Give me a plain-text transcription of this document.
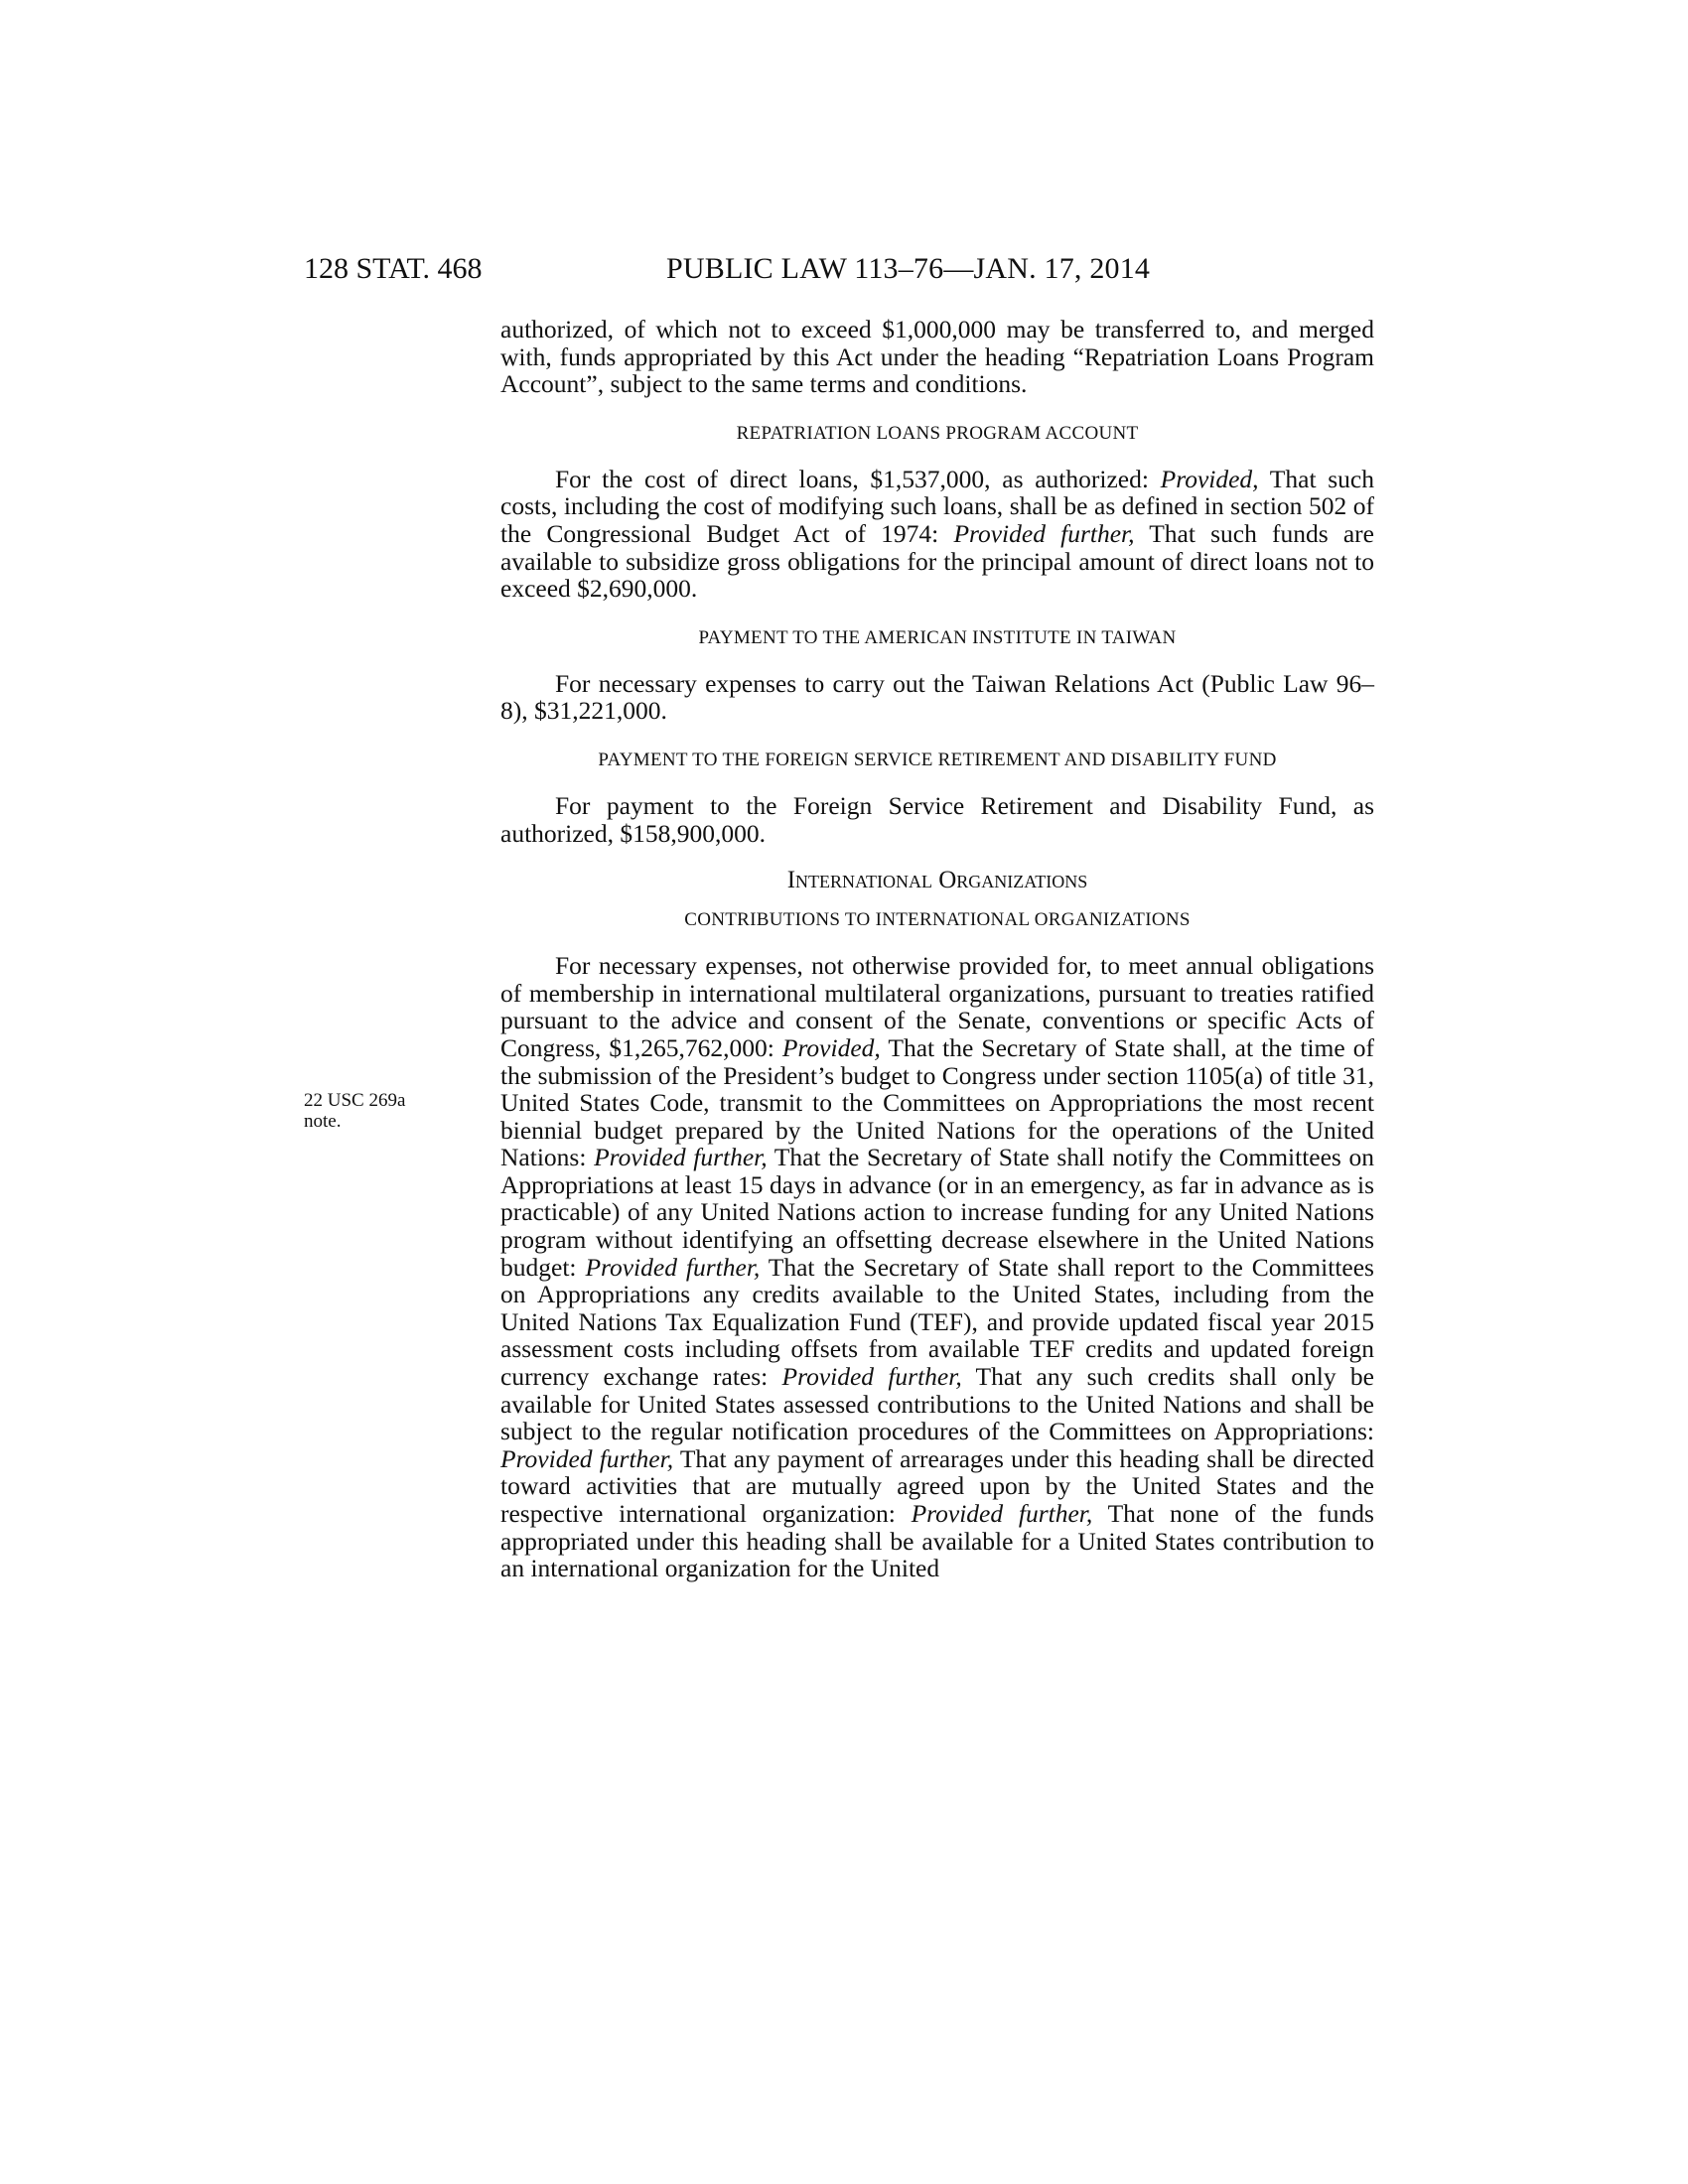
128 STAT. 468	PUBLIC LAW 113–76—JAN. 17, 2014
22 USC 269a
note.

authorized, of which not to exceed $1,000,000 may be transferred to, and merged with, funds appropriated by this Act under the heading “Repatriation Loans Program Account”, subject to the same terms and conditions.

REPATRIATION LOANS PROGRAM ACCOUNT

For the cost of direct loans, $1,537,000, as authorized: Provided, That such costs, including the cost of modifying such loans, shall be as defined in section 502 of the Congressional Budget Act of 1974: Provided further, That such funds are available to subsidize gross obligations for the principal amount of direct loans not to exceed $2,690,000.

PAYMENT TO THE AMERICAN INSTITUTE IN TAIWAN

For necessary expenses to carry out the Taiwan Relations Act (Public Law 96–8), $31,221,000.

PAYMENT TO THE FOREIGN SERVICE RETIREMENT AND DISABILITY FUND

For payment to the Foreign Service Retirement and Disability Fund, as authorized, $158,900,000.

International Organizations
CONTRIBUTIONS TO INTERNATIONAL ORGANIZATIONS

For necessary expenses, not otherwise provided for, to meet annual obligations of membership in international multilateral organizations, pursuant to treaties ratified pursuant to the advice and consent of the Senate, conventions or specific Acts of Congress, $1,265,762,000: Provided, That the Secretary of State shall, at the time of the submission of the President’s budget to Congress under section 1105(a) of title 31, United States Code, transmit to the Committees on Appropriations the most recent biennial budget prepared by the United Nations for the operations of the United Nations: Provided further, That the Secretary of State shall notify the Committees on Appropriations at least 15 days in advance (or in an emergency, as far in advance as is practicable) of any United Nations action to increase funding for any United Nations program without identifying an offsetting decrease elsewhere in the United Nations budget: Provided further, That the Secretary of State shall report to the Committees on Appropriations any credits available to the United States, including from the United Nations Tax Equalization Fund (TEF), and provide updated fiscal year 2015 assessment costs including offsets from available TEF credits and updated foreign currency exchange rates: Provided further, That any such credits shall only be available for United States assessed contributions to the United Nations and shall be subject to the regular notification procedures of the Committees on Appropriations: Provided further, That any payment of arrearages under this heading shall be directed toward activities that are mutually agreed upon by the United States and the respective international organization: Provided further, That none of the funds appropriated under this heading shall be available for a United States contribution to an international organization for the United
